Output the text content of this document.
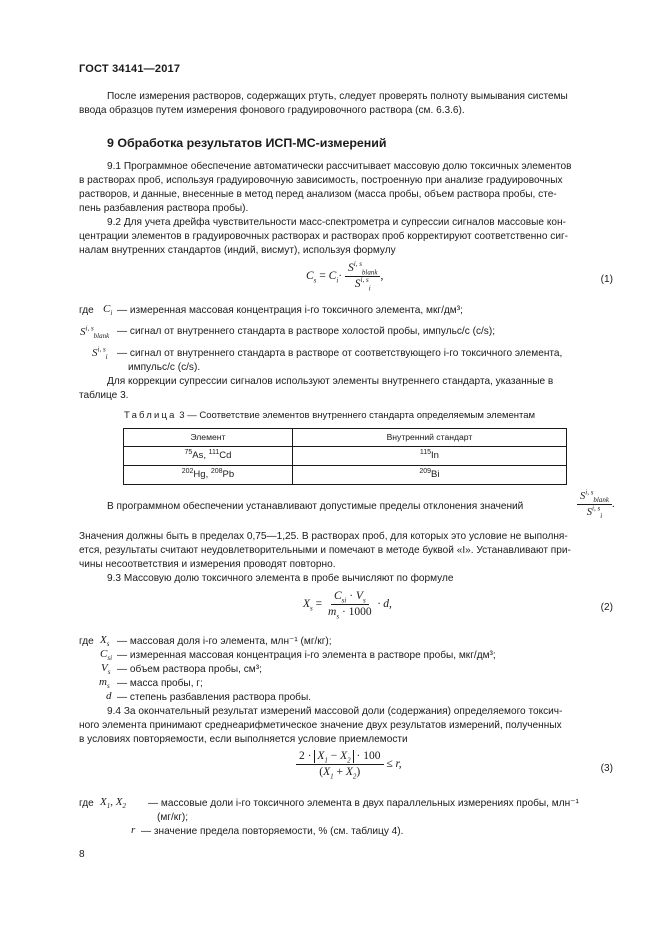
ГОСТ 34141—2017
После измерения растворов, содержащих ртуть, следует проверять полноту вымывания системы
ввода образцов путем измерения фонового градуировочного раствора (см. 6.3.6).
9 Обработка результатов ИСП-МС-измерений
9.1 Программное обеспечение автоматически рассчитывает массовую долю токсичных элементов
в растворах проб, используя градуировочную зависимость, построенную при анализе градуировочных
растворов, и данные, внесенные в метод перед анализом (масса пробы, объем раствора пробы, сте-
пень разбавления раствора пробы).
9.2 Для учета дрейфа чувствительности масс-спектрометра и супрессии сигналов массовые кон-
центрации элементов в градуировочных растворах и растворах проб корректируют соответственно сиг-
налам внутренних стандартов (индий, висмут), используя формулу
$C_s = C_i\cdot \frac{S^{i, s}_{blank}}{S^{i, s}_i}$ ,	(1)
где $C_i$ — измеренная массовая концентрация i-го токсичного элемента, мкг/дм³;
S$^{i, s}_{blank}$ — сигнал от внутреннего стандарта в растворе холостой пробы, импульс/с (c/s);
S$^{i, s}_i$ — сигнал от внутреннего стандарта в растворе от соответствующего i-го токсичного элемента,
импульс/с (c/s).
Для коррекции супрессии сигналов используют элементы внутреннего стандарта, указанные в
таблице 3.
Таблица 3 — Соответствие элементов внутреннего стандарта определяемым элементам
Элемент	Внутренний стандарт
$^{75}$As, $^{111}$Cd	$^{115}$In
$^{202}$Hg, $^{208}$Pb	$^{209}$Bi
В программном обеспечении устанавливают допустимые пределы отклонения значений	$\frac{S^{i, s}_{blank}}{S^{i, s}_i}$ .
Значения должны быть в пределах 0,75—1,25. В растворах проб, для которых это условие не выполня-
ется, результаты считают неудовлетворительными и помечают в методе буквой «I». Устанавливают при-
чины несоответствия и измерения проводят повторно.
9.3 Массовую долю токсичного элемента в пробе вычисляют по формуле
$X_s = \frac{C_{si} \cdot V_s}{m_s \cdot 1000} \cdot d$,	(2)
где $X_s$ — массовая доля i-го элемента, млн⁻¹ (мг/кг);
$C_{si}$ — измеренная массовая концентрация i-го элемента в растворе пробы, мкг/дм³;
$V_s$ — объем раствора пробы, см³;
$m_s$ — масса пробы, г;
d — степень разбавления раствора пробы.
9.4 За окончательный результат измерений массовой доли (содержания) определяемого токсич-
ного элемента принимают среднеарифметическое значение двух результатов измерений, полученных
в условиях повторяемости, если выполняется условие приемлемости
$\frac{2 \cdot X_1 - X_2 \cdot 100}{(X_1 + X_2)} \le r$,	(3)
где $X_1$, $X_2$ — массовые доли i-го токсичного элемента в двух параллельных измерениях пробы, млн⁻¹
(мг/кг);
r — значение предела повторяемости, % (см. таблицу 4).
8
